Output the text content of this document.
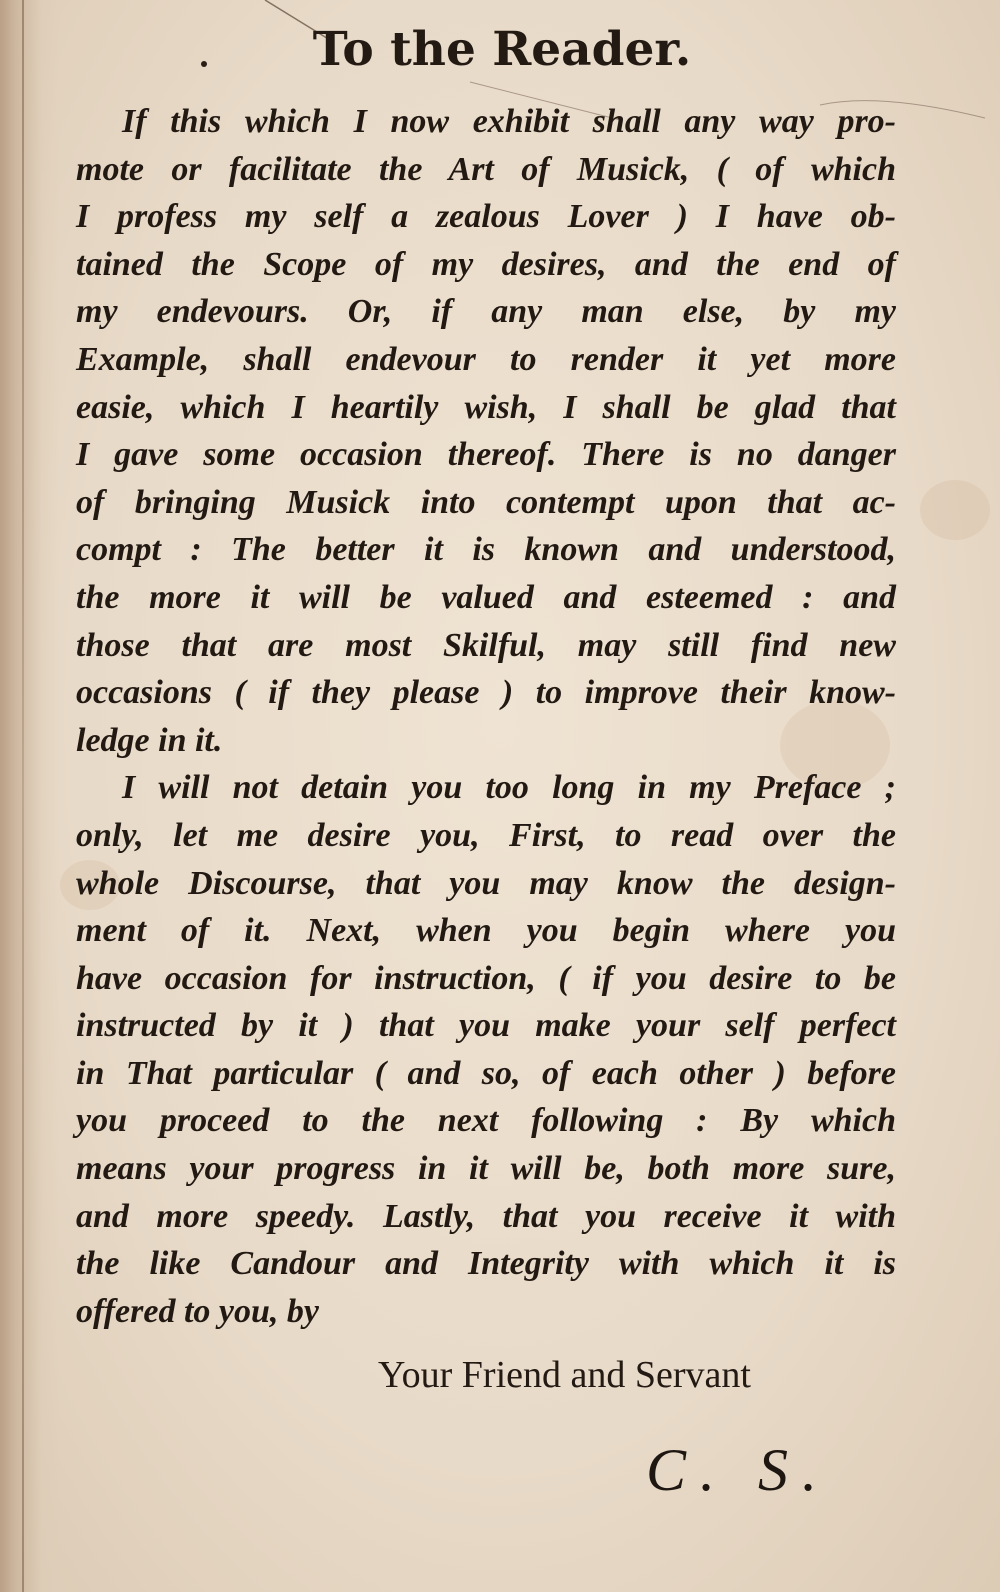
To the Reader.
If this which I now exhibit shall any way pro-
mote or facilitate the Art of Musick, ( of which
I profess my self a zealous Lover ) I have ob-
tained the Scope of my desires, and the end of
my endevours. Or, if any man else, by my
Example, shall endevour to render it yet more
easie, which I heartily wish, I shall be glad that
I gave some occasion thereof. There is no danger
of bringing Musick into contempt upon that ac-
compt : The better it is known and understood,
the more it will be valued and esteemed : and
those that are most Skilful, may still find new
occasions ( if they please ) to improve their know-
ledge in it.
I will not detain you too long in my Preface ;
only, let me desire you, First, to read over the
whole Discourse, that you may know the design-
ment of it. Next, when you begin where you
have occasion for instruction, ( if you desire to be
instructed by it ) that you make your self perfect
in That particular ( and so, of each other ) before
you proceed to the next following : By which
means your progress in it will be, both more sure,
and more speedy. Lastly, that you receive it with
the like Candour and Integrity with which it is
offered to you, by
Your Friend and Servant
C. S.
